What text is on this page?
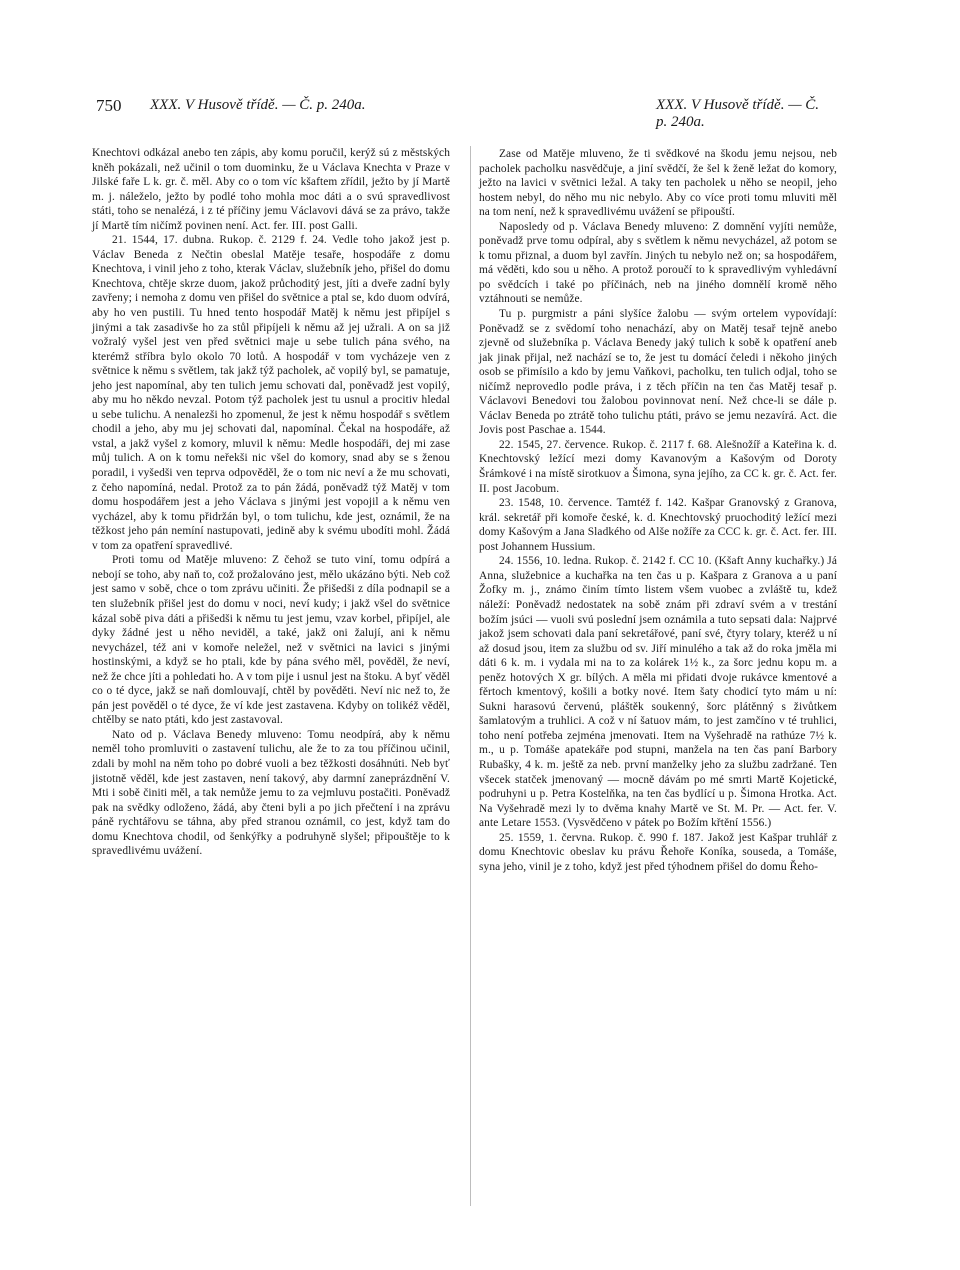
750 XXX. V Husově třídě. — Č. p. 240a.	XXX. V Husově třídě. — Č. p. 240a.

Knechtovi odkázal anebo ten zápis, aby komu poručil, kerýž sú z městských kněh pokázali, než učinil o tom duominku, že u Václava Knechta v Praze v Jilské faře L k. gr. č. měl. Aby co o tom víc kšaftem zřídil, ježto by jí Martě m. j. náleželo, ježto by podlé toho mohla moc dáti a o svú spravedlivost státi, toho se nenalézá, i z té příčiny jemu Václavovi dává se za právo, takže jí Martě tím ničímž povinen není. Act. fer. III. post Galli.

21. 1544, 17. dubna. Rukop. č. 2129 f. 24. Vedle toho jakož jest p. Václav Beneda z Nečtin obeslal Matěje tesaře, hospodáře z domu Knechtova, i vinil jeho z toho, kterak Václav, služebník jeho, přišel do domu Knechtova, chtěje skrze duom, jakož průchoditý jest, jíti a dveře zadní byly zavřeny; i nemoha z domu ven přišel do světnice a ptal se, kdo duom odvírá, aby ho ven pustili. Tu hned tento hospodář Matěj k němu jest připíjel s jinými a tak zasadivše ho za stůl připíjeli k němu až jej užrali. A on sa již vožralý vyšel jest ven před světnici maje u sebe tulich pána svého, na kterémž stříbra bylo okolo 70 lotů. A hospodář v tom vycházeje ven z světnice k němu s světlem, tak jakž týž pacholek, ač vopilý byl, se pamatuje, jeho jest napomínal, aby ten tulich jemu schovati dal, poněvadž jest vopilý, aby mu ho někdo nevzal. Potom týž pacholek jest tu usnul a procitiv hledal u sebe tulichu. A nenalezši ho zpomenul, že jest k němu hospodář s světlem chodil a jeho, aby mu jej schovati dal, napomínal. Čekal na hospodáře, až vstal, a jakž vyšel z komory, mluvil k němu: Medle hospodáři, dej mi zase můj tulich. A on k tomu neřekši nic všel do komory, snad aby se s ženou poradil, i vyšedši ven teprva odpověděl, že o tom nic neví a že mu schovati, z čeho napomíná, nedal. Protož za to pán žádá, poněvadž týž Matěj v tom domu hospodářem jest a jeho Václava s jinými jest vopojil a k němu ven vycházel, aby k tomu přidržán byl, o tom tulichu, kde jest, oznámil, že na těžkost jeho pán nemíní nastupovati, jedině aby k svému ubodíti mohl. Žádá v tom za opatření spravedlivé.

Proti tomu od Matěje mluveno: Z čehož se tuto viní, tomu odpírá a nebojí se toho, aby naň to, což prožalováno jest, mělo ukázáno býti. Neb což jest samo v sobě, chce o tom zprávu učiniti. Že přišedši z díla podnapil se a ten služebník přišel jest do domu v noci, neví kudy; i jakž všel do světnice kázal sobě piva dáti a přišedši k němu tu jest jemu, vzav korbel, připíjel, ale dyky žádné jest u něho neviděl, a také, jakž oni žalují, ani k němu nevycházel, též ani v komoře neležel, než v světnici na lavici s jinými hostinskými, a když se ho ptali, kde by pána svého měl, pověděl, že neví, než že chce jíti a pohledati ho. A v tom pije i usnul jest na štoku. A byť věděl co o té dyce, jakž se naň domlouvají, chtěl by pověděti. Neví nic než to, že pán jest pověděl o té dyce, že ví kde jest zastavena. Kdyby on tolikéž věděl, chtělby se nato ptáti, kdo jest zastavoval.

Nato od p. Václava Benedy mluveno: Tomu neodpírá, aby k němu neměl toho promluviti o zastavení tulichu, ale že to za tou příčinou učinil, zdali by mohl na něm toho po dobré vuoli a bez těžkosti dosáhnúti. Neb byť jistotně věděl, kde jest zastaven, není takový, aby darmní zaneprázdnění V. Mti i sobě činiti měl, a tak nemůže jemu to za vejmluvu postačiti. Poněvadž pak na svědky odloženo, žádá, aby čteni byli a po jich přečtení i na zprávu páně rychtářovu se táhna, aby před stranou oznámil, co jest, když tam do domu Knechtova chodil, od šenkýřky a podruhyně slyšel; připouštěje to k spravedlivému uvážení.

Zase od Matěje mluveno, že ti svědkové na škodu jemu nejsou, neb pacholek pacholku nasvědčuje, a jiní svědčí, že šel k ženě ležat do komory, ježto na lavici v světnici ležal. A taky ten pacholek u něho se neopil, jeho hostem nebyl, do něho mu nic nebylo. Aby co více proti tomu mluviti měl na tom není, než k spravedlivému uvážení se připouští.

Naposledy od p. Václava Benedy mluveno: Z domnění vyjíti nemůže, poněvadž prve tomu odpíral, aby s světlem k němu nevycházel, až potom se k tomu přiznal, a duom byl zavřín. Jiných tu nebylo než on; sa hospodářem, má věděti, kdo sou u něho. A protož poroučí to k spravedlivým vyhledávní po svědcích i také po příčinách, neb na jiného domnělí kromě něho vztáhnouti se nemůže.

Tu p. purgmistr a páni slyšíce žalobu — svým ortelem vypovídají: Poněvadž se z svědomí toho nenachází, aby on Matěj tesař tejně anebo zjevně od služebníka p. Václava Benedy jaký tulich k sobě k opatření aneb jak jinak přijal, než nachází se to, že jest tu domácí čeledi i někoho jiných osob se přimísilo a kdo by jemu Vaňkovi, pacholku, ten tulich odjal, toho se ničímž neprovedlo podle práva, i z těch příčin na ten čas Matěj tesař p. Václavovi Benedovi tou žalobou povinnovat není. Než chce-li se dále p. Václav Beneda po ztrátě toho tulichu ptáti, právo se jemu nezavírá. Act. die Jovis post Paschae a. 1544.

22. 1545, 27. července. Rukop. č. 2117 f. 68. Alešnožíř a Kateřina k. d. Knechtovský ležící mezi domy Kavanovým a Kašovým od Doroty Šrámkové i na místě sirotkuov a Šimona, syna jejího, za CC k. gr. č. Act. fer. II. post Jacobum.

23. 1548, 10. července. Tamtéž f. 142. Kašpar Granovský z Granova, král. sekretář při komoře české, k. d. Knechtovský pruochoditý ležící mezi domy Kašovým a Jana Sladkého od Alše nožíře za CCC k. gr. č. Act. fer. III. post Johannem Hussium.

24. 1556, 10. ledna. Rukop. č. 2142 f. CC 10. (Kšaft Anny kuchařky.) Já Anna, služebnice a kuchařka na ten čas u p. Kašpara z Granova a u paní Žofky m. j., známo činím tímto listem všem vuobec a zvláště tu, kdež náleží: Poněvadž nedostatek na sobě znám při zdraví svém a v trestání božím jsúci — vuoli svú poslední jsem oznámila a tuto sepsati dala: Najprvé jakož jsem schovati dala paní sekretářové, paní své, čtyry tolary, kteréž u ní až dosud jsou, item za službu od sv. Jiří minulého a tak až do roka jměla mi dáti 6 k. m. i vydala mi na to za kolárek 1½ k., za šorc jednu kopu m. a peněz hotových X gr. bílých. A měla mi přidati dvoje rukávce kmentové a fěrtoch kmentový, košili a botky nové. Item šaty chodicí tyto mám u ní: Sukni harasovú červenú, pláštěk soukenný, šorc plátěnný s živůtkem šamlatovým a truhlici. A což v ní šatuov mám, to jest zamčíno v té truhlici, toho není potřeba zejména jmenovati. Item na Vyšehradě na rathúze 7½ k. m., u p. Tomáše apatekáře pod stupni, manžela na ten čas paní Barbory Rubašky, 4 k. m. ještě za neb. první manželky jeho za službu zadržané. Ten všecek statček jmenovaný — mocně dávám po mé smrti Martě Kojetické, podruhyni u p. Petra Kostelňka, na ten čas bydlící u p. Šimona Hrotka. Act. Na Vyšehradě mezi ly to dvěma knahy Martě ve St. M. Pr. — Act. fer. V. ante Letare 1553. (Vysvědčeno v pátek po Božím křtění 1556.)

25. 1559, 1. června. Rukop. č. 990 f. 187. Jakož jest Kašpar truhlář z domu Knechtovic obeslav ku právu Řehoře Koníka, souseda, a Tomáše, syna jeho, vinil je z toho, když jest před týhodnem přišel do domu Řeho-
